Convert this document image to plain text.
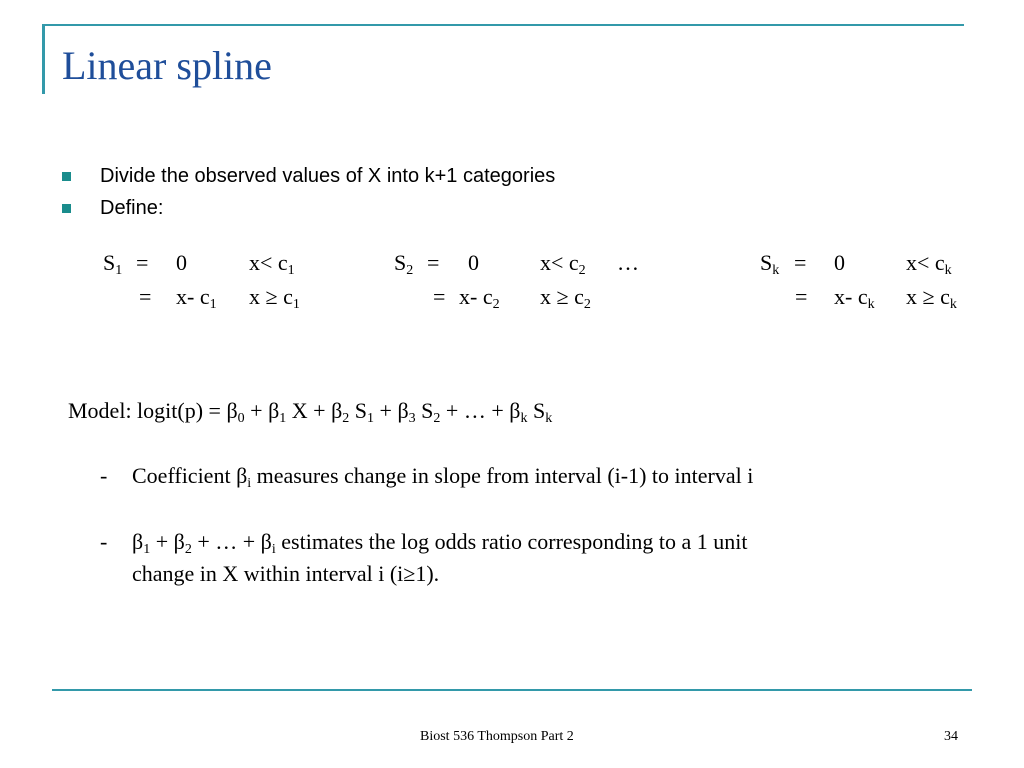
Linear spline
Divide the observed values of X into k+1 categories
Define:
$S_1 = 0$	$x< c_1$	$S_2 = 0$	$x< c_2$ …	$S_k = 0$	$x< c_k$
= x- $c_1$ $x \ge c_1$	= x- $c_2$ $x \ge c_2$	= x- $c_k$ $x \ge c_k$
Model: logit(p) = $\beta_0 + \beta_1$ $X + \beta_2$ $S_1 + \beta_3$ $S_2$ + … + $\beta_k$ $S_k$
- Coefficient $\beta_i$ measures change in slope from interval (i-1) to interval i
- $\beta_1 + \beta_2$ + … + $\beta_i$ estimates the log odds ratio corresponding to a 1 unit
change in X within interval i (i≥1).
Biost 536 Thompson Part 2	34
